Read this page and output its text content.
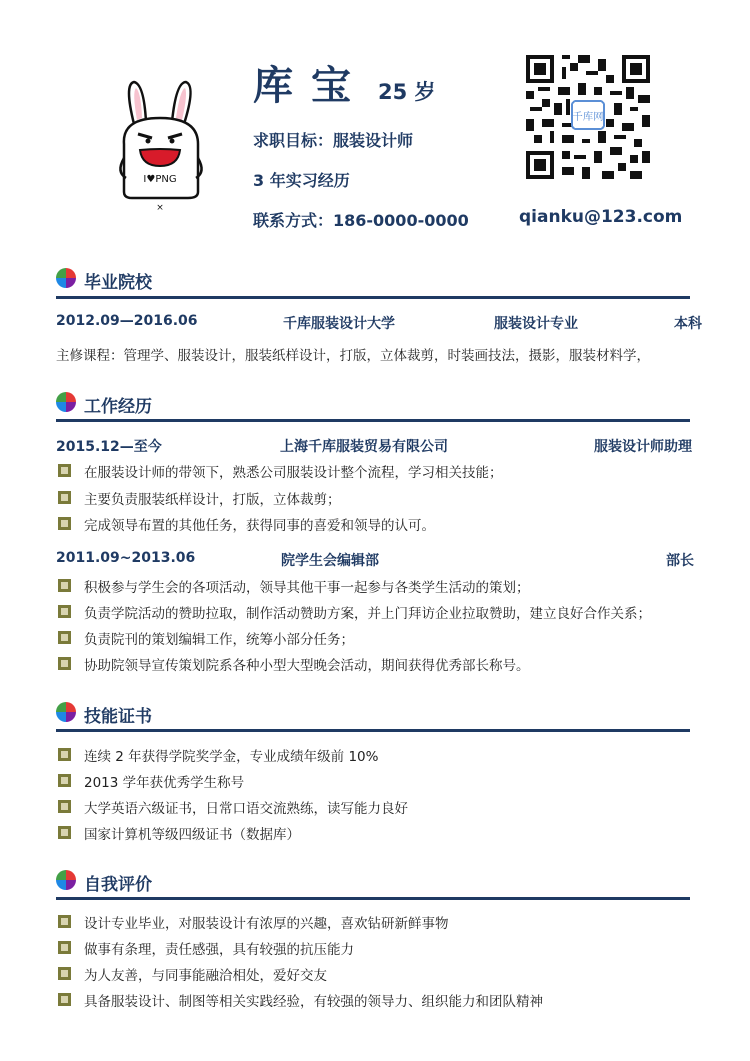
I♥PNG
×
库宝 25 岁
求职目标：服装设计师
3 年实习经历
联系方式：186-0000-0000	qianku@123.com
千库网
毕业院校
2012.09—2016.06	千库服装设计大学	服装设计专业	本科
主修课程：管理学、服装设计，服装纸样设计，打版，立体裁剪，时装画技法，摄影，服装材料学，
工作经历
2015.12—至今	上海千库服装贸易有限公司	服装设计师助理
在服装设计师的带领下，熟悉公司服装设计整个流程，学习相关技能；
主要负责服装纸样设计，打版，立体裁剪；
完成领导布置的其他任务，获得同事的喜爱和领导的认可。
2011.09~2013.06	院学生会编辑部	部长
积极参与学生会的各项活动，领导其他干事一起参与各类学生活动的策划；
负责学院活动的赞助拉取，制作活动赞助方案，并上门拜访企业拉取赞助，建立良好合作关系；
负责院刊的策划编辑工作，统筹小部分任务；
协助院领导宣传策划院系各种小型大型晚会活动，期间获得优秀部长称号。
技能证书
连续 2 年获得学院奖学金，专业成绩年级前 10%
2013 学年获优秀学生称号
大学英语六级证书，日常口语交流熟练，读写能力良好
国家计算机等级四级证书（数据库）
自我评价
设计专业毕业，对服装设计有浓厚的兴趣，喜欢钻研新鲜事物
做事有条理，责任感强，具有较强的抗压能力
为人友善，与同事能融洽相处，爱好交友
具备服装设计、制图等相关实践经验，有较强的领导力、组织能力和团队精神
